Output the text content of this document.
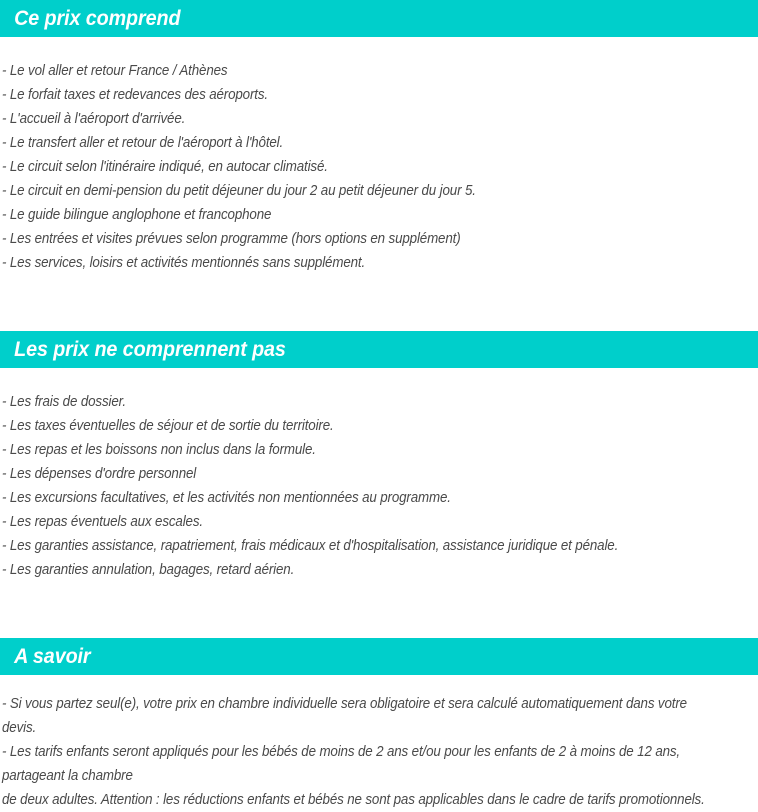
Ce prix comprend
- Le vol aller et retour France / Athènes
- Le forfait taxes et redevances des aéroports.
- L'accueil à l'aéroport d'arrivée.
- Le transfert aller et retour de l'aéroport à l'hôtel.
- Le circuit selon l'itinéraire indiqué, en autocar climatisé.
- Le circuit en demi-pension du petit déjeuner du jour 2 au petit déjeuner du jour 5.
- Le guide bilingue anglophone et francophone
- Les entrées et visites prévues selon programme (hors options en supplément)
- Les services, loisirs et activités mentionnés sans supplément.
Les prix ne comprennent pas
- Les frais de dossier.
- Les taxes éventuelles de séjour et de sortie du territoire.
- Les repas et les boissons non inclus dans la formule.
- Les dépenses d'ordre personnel
- Les excursions facultatives, et les activités non mentionnées au programme.
- Les repas éventuels aux escales.
- Les garanties assistance, rapatriement, frais médicaux et d'hospitalisation, assistance juridique et pénale.
- Les garanties annulation, bagages, retard aérien.
A savoir
- Si vous partez seul(e), votre prix en chambre individuelle sera obligatoire et sera calculé automatiquement dans votre
devis.
- Les tarifs enfants seront appliqués pour les bébés de moins de 2 ans et/ou pour les enfants de 2 à moins de 12 ans,
partageant la chambre
de deux adultes. Attention : les réductions enfants et bébés ne sont pas applicables dans le cadre de tarifs promotionnels.
